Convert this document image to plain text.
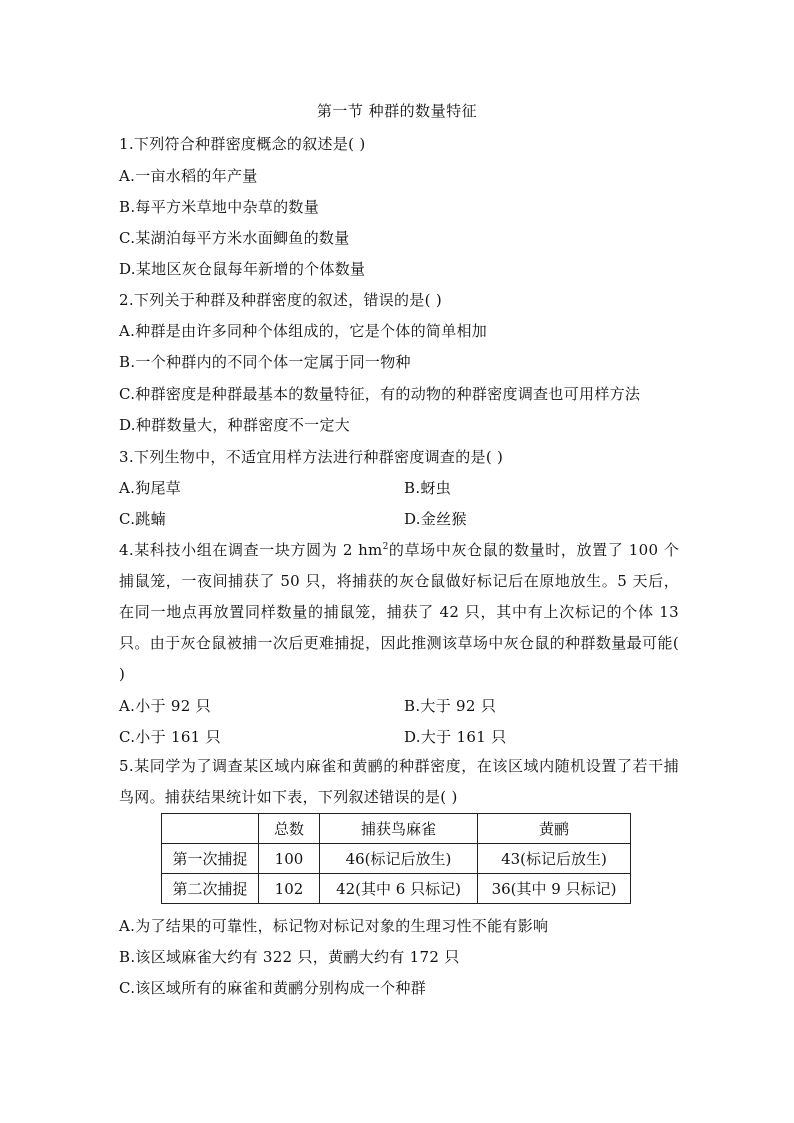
第一节 种群的数量特征
1.下列符合种群密度概念的叙述是( )
A.一亩水稻的年产量
B.每平方米草地中杂草的数量
C.某湖泊每平方米水面鲫鱼的数量
D.某地区灰仓鼠每年新增的个体数量
2.下列关于种群及种群密度的叙述，错误的是( )
A.种群是由许多同种个体组成的，它是个体的简单相加
B.一个种群内的不同个体一定属于同一物种
C.种群密度是种群最基本的数量特征，有的动物的种群密度调查也可用样方法
D.种群数量大，种群密度不一定大
3.下列生物中，不适宜用样方法进行种群密度调查的是( )
A.狗尾草	B.蚜虫
C.跳蝻	D.金丝猴
4.某科技小组在调查一块方圆为 2 $hm^2$的草场中灰仓鼠的数量时，放置了 100 个捕鼠笼，一夜间捕获了 50 只，将捕获的灰仓鼠做好标记后在原地放生。5 天后，在同一地点再放置同样数量的捕鼠笼，捕获了 42 只，其中有上次标记的个体 13 只。由于灰仓鼠被捕一次后更难捕捉，因此推测该草场中灰仓鼠的种群数量最可能( )
A.小于 92 只	B.大于 92 只
C.小于 161 只	D.大于 161 只
5.某同学为了调查某区域内麻雀和黄鹂的种群密度，在该区域内随机设置了若干捕鸟网。捕获结果统计如下表，下列叙述错误的是( )
	总数	捕获鸟麻雀	黄鹂
第一次捕捉	100	46(标记后放生)	43(标记后放生)
第二次捕捉	102	42(其中 6 只标记)	36(其中 9 只标记)
A.为了结果的可靠性，标记物对标记对象的生理习性不能有影响
B.该区域麻雀大约有 322 只，黄鹂大约有 172 只
C.该区域所有的麻雀和黄鹂分别构成一个种群
